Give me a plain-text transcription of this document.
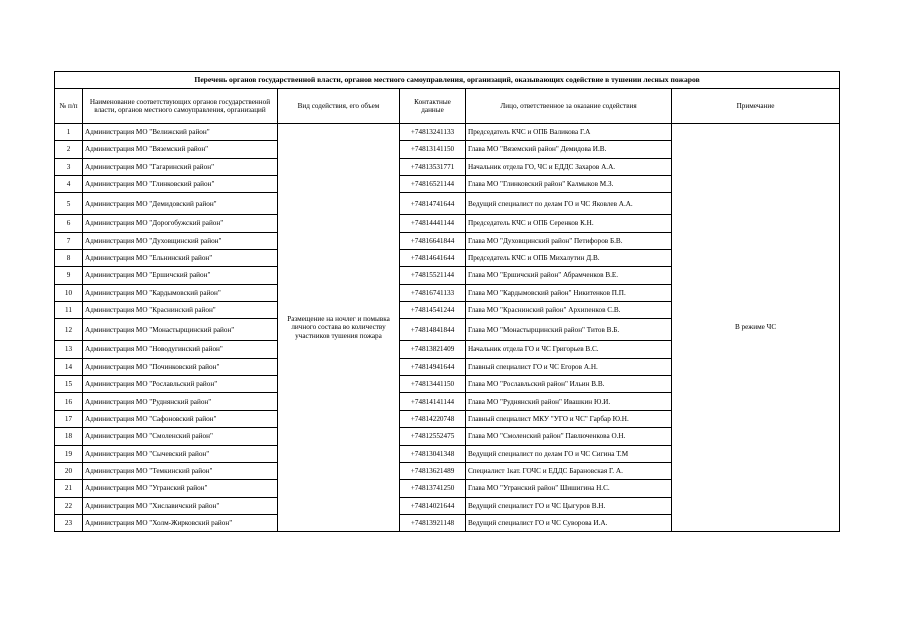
Перечень органов государственной власти, органов местного самоуправления, организаций, оказывающих содействие в тушении лесных пожаров					
№ п/п	Наименование соответствующих органов государственной власти, органов местного самоуправления, организаций	Вид содействия, его объем	Контактные данные	Лицо, ответственное за оказание содействия	Примечание
1	Администрация МО "Велижский район"	Размещение на ночлег и помывка личного состава во количеству участников тушения пожара	+74813241133	Председатель КЧС и ОПБ Валикова Г.А	В режиме ЧС
2	Администрация МО "Вяземский район"		+74813141150	Глава МО "Вяземский район" Демидова И.В.	
3	Администрация МО "Гагаринский район"		+74813531771	Начальник отдела ГО, ЧС и ЕДДС Захаров А.А.	
4	Администрация МО "Глинковский район"		+74816521144	Глава МО "Глинковский район" Калмыков М.З.	
5	Администрация МО "Демидовский район"		+74814741644	Ведущий специалист по делам ГО и ЧС Яковлев А.А.	
6	Администрация МО "Дорогобужский район"		+74814441144	Председатель КЧС и ОПБ Серенков К.Н.	
7	Администрация МО "Духовщинский район"		+74816641844	Глава МО "Духовщинский район" Петифоров Б.В.	
8	Администрация МО "Ельнинский район"		+74814641644	Председатель КЧС и ОПБ Михалутин Д.В.	
9	Администрация МО "Ершичский район"		+74815521144	Глава МО "Ершичский район" Абрамченков В.Е.	
10	Администрация МО "Кардымовский район"		+74816741133	Глава МО "Кардымовский район" Никитенков П.П.	
11	Администрация МО "Краснинский район"		+74814541244	Глава МО "Краснинский район" Архипенков С.В.	
12	Администрация МО "Монастырщинский район"		+74814841844	Глава МО "Монастырщинский район" Титов В.Б.	
13	Администрация МО "Новодугинский район"		+74813821409	Начальник отдела ГО и ЧС Григорьев В.С.	
14	Администрация МО "Починковский район"		+74814941644	Главный специалист ГО и ЧС Егоров А.Н.	
15	Администрация МО "Рославльский район"		+74813441150	Глава МО "Рославльский район" Ильин В.В.	
16	Администрация МО "Руднянский район"		+74814141144	Глава МО "Руднянский район" Ивашкин Ю.И.	
17	Администрация МО "Сафоновский район"		+74814220748	Главный специалист МКУ "УГО и ЧС" Гарбар Ю.Н.	
18	Администрация МО "Смоленский район"		+74812552475	Глава МО "Смоленский район" Павлюченкова О.Н.	
19	Администрация МО "Сычевский район"		+74813041348	Ведущий специалист по делам ГО и ЧС Сигина Т.М	
20	Администрация МО "Темкинский район"		+74813621489	Специалист 1кат. ГОЧС и ЕДДС Барановская Г. А.	
21	Администрация МО "Угранский район"		+74813741250	Глава МО "Угранский район" Шишигина Н.С.	
22	Администрация МО "Хиславичский район"		+74814021644	Ведущий специалист ГО и ЧС Цыгуров В.Н.	
23	Администрация МО "Холм-Жирковский район"		+74813921148	Ведущий специалист ГО и ЧС Суворова И.А.	
